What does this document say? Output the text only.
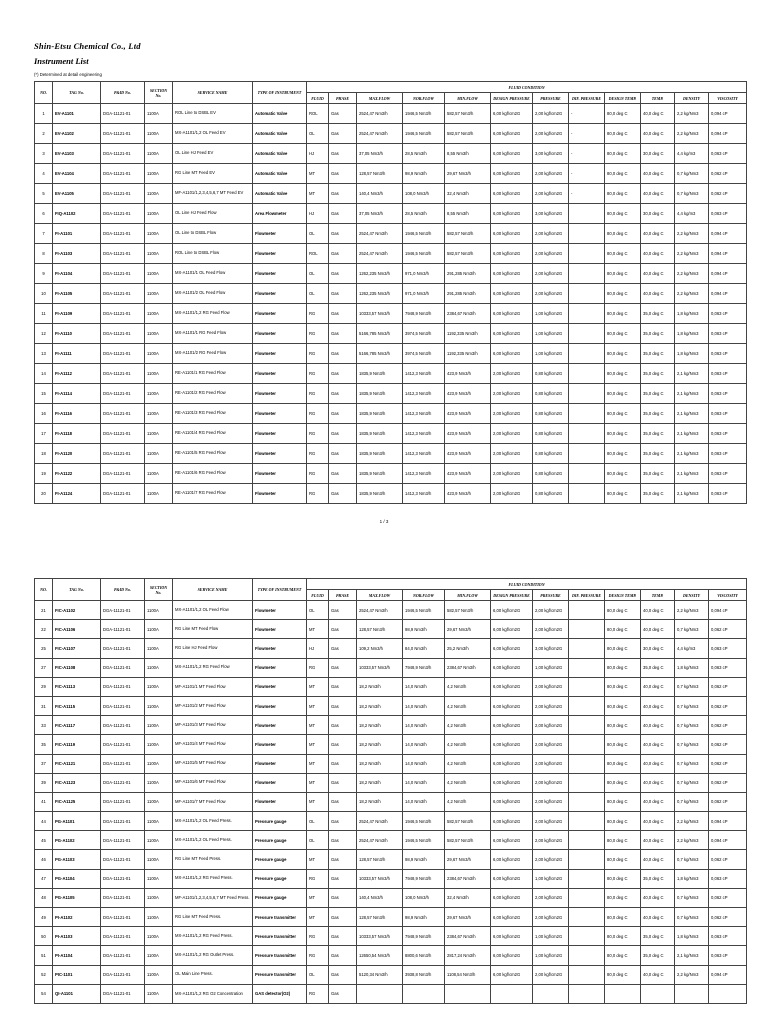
Shin-Etsu Chemical Co., Ltd
Instrument List
(*) Determined at detail engineering
NO.	TAG No.	P&ID No.	SECTION No.	SERVICE NAME	TYPE OF INSTRUMENT	FLUID CONDITION											
						FLUID	PHASE	MAX.FLOW	NOR.FLOW	MIN.FLOW	DESIGN PRESSURE	PRESSURE	DIF. PRESSURE	DESIGN TEMP.	TEMP.	DENSITY	VISCOSITY
1	EV-A1101	DGA-11121-01	1100A	ROL Line to DSBL EV	Automatic Valve	ROL	Gas	2524,47 Nm3/h	1946,5 Nm3/h	582,57 Nm3/h	6,00 kgf/cm2G	2,00 kgf/cm2G	-	80,0 deg C	40,0 deg C	2,2 kg/Nm3	0,094 cP
2	EV-A1102	DGA-11121-01	1100A	MX-A1101/1,2 OL Feed EV	Automatic Valve	OL	Gas	2524,47 Nm3/h	1946,5 Nm3/h	582,57 Nm3/h	6,00 kgf/cm2G	2,00 kgf/cm2G	-	80,0 deg C	40,0 deg C	2,2 kg/Nm3	0,094 cP
3	EV-A1103	DGA-11121-01	1100A	OL Line HJ Feed EV	Automatic Valve	HJ	Gas	37,05 Nm3/h	28,5 Nm3/h	8,55 Nm3/h	6,00 kgf/cm2G	3,00 kgf/cm2G	-	80,0 deg C	30,0 deg C	4,4 kg/m3	0,063 cP
4	EV-A1104	DGA-11121-01	1100A	RG Line MT Feed EV	Automatic Valve	MT	Gas	128,57 Nm3/h	98,9 Nm3/h	29,67 Nm3/h	6,00 kgf/cm2G	2,00 kgf/cm2G	-	80,0 deg C	40,0 deg C	0,7 kg/Nm3	0,062 cP
5	EV-A1105	DGA-11121-01	1100A	MF-A1101/1,2,3,4,5,6,7 MT Feed EV	Automatic Valve	MT	Gas	140,4 Nm3/h	108,0 Nm3/h	32,4 Nm3/h	6,00 kgf/cm2G	2,00 kgf/cm2G	-	80,0 deg C	40,0 deg C	0,7 kg/Nm3	0,062 cP
6	FIQ-A1102	DGA-11121-01	1100A	OL Line HJ Feed Flow	Area Flowmeter	HJ	Gas	37,05 Nm3/h	28,5 Nm3/h	8,55 Nm3/h	6,00 kgf/cm2G	3,00 kgf/cm2G		80,0 deg C	30,0 deg C	4,4 kg/m3	0,063 cP
7	FI-A1101	DGA-11121-01	1100A	OL Line to DSBL Flow	Flowmeter	OL	Gas	2524,47 Nm3/h	1946,5 Nm3/h	582,57 Nm3/h	6,00 kgf/cm2G	2,00 kgf/cm2G		80,0 deg C	40,0 deg C	2,2 kg/Nm3	0,094 cP
8	FI-A1103	DGA-11121-01	1100A	ROL Line to DSBL Flow	Flowmeter	ROL	Gas	2524,47 Nm3/h	1946,5 Nm3/h	582,57 Nm3/h	6,00 kgf/cm2G	2,00 kgf/cm2G		80,0 deg C	40,0 deg C	2,2 kg/Nm3	0,094 cP
9	FI-A1104	DGA-11121-01	1100A	MX-A1101/1 OL Feed Flow	Flowmeter	OL	Gas	1262,235 Nm3/h	971,0 Nm3/h	291,285 Nm3/h	6,00 kgf/cm2G	2,00 kgf/cm2G		80,0 deg C	40,0 deg C	2,2 kg/Nm3	0,094 cP
10	FI-A1105	DGA-11121-01	1100A	MX-A1101/2 OL Feed Flow	Flowmeter	OL	Gas	1262,235 Nm3/h	971,0 Nm3/h	291,285 Nm3/h	6,00 kgf/cm2G	2,00 kgf/cm2G		80,0 deg C	40,0 deg C	2,2 kg/Nm3	0,094 cP
11	FI-A1109	DGA-11121-01	1100A	MX-A1101/1,2 RG Feed Flow	Flowmeter	RG	Gas	10333,57 Nm3/h	7948,9 Nm3/h	2384,67 Nm3/h	6,00 kgf/cm2G	1,00 kgf/cm2G		80,0 deg C	35,0 deg C	1,8 kg/Nm3	0,063 cP
12	FI-A1110	DGA-11121-01	1100A	MX-A1101/1 RG Feed Flow	Flowmeter	RG	Gas	5166,785 Nm3/h	3974,5 Nm3/h	1192,335 Nm3/h	6,00 kgf/cm2G	1,00 kgf/cm2G		80,0 deg C	35,0 deg C	1,8 kg/Nm3	0,063 cP
13	FI-A1111	DGA-11121-01	1100A	MX-A1101/2 RG Feed Flow	Flowmeter	RG	Gas	5166,785 Nm3/h	3974,5 Nm3/h	1192,335 Nm3/h	6,00 kgf/cm2G	1,00 kgf/cm2G		80,0 deg C	35,0 deg C	1,8 kg/Nm3	0,063 cP
14	FI-A1112	DGA-11121-01	1100A	RE-A1101/1 RG Feed Flow	Flowmeter	RG	Gas	1835,9 Nm3/h	1412,3 Nm3/h	423,9 Nm3/h	2,00 kgf/cm2G	0,80 kgf/cm2G		80,0 deg C	35,0 deg C	2,1 kg/Nm3	0,063 cP
15	FI-A1114	DGA-11121-01	1100A	RE-A1101/2 RG Feed Flow	Flowmeter	RG	Gas	1835,9 Nm3/h	1412,3 Nm3/h	423,9 Nm3/h	2,00 kgf/cm2G	0,80 kgf/cm2G		80,0 deg C	35,0 deg C	2,1 kg/Nm3	0,063 cP
16	FI-A1116	DGA-11121-01	1100A	RE-A1101/3 RG Feed Flow	Flowmeter	RG	Gas	1835,9 Nm3/h	1412,3 Nm3/h	423,9 Nm3/h	2,00 kgf/cm2G	0,80 kgf/cm2G		80,0 deg C	35,0 deg C	2,1 kg/Nm3	0,063 cP
17	FI-A1118	DGA-11121-01	1100A	RE-A1101/4 RG Feed Flow	Flowmeter	RG	Gas	1835,9 Nm3/h	1412,3 Nm3/h	423,9 Nm3/h	2,00 kgf/cm2G	0,80 kgf/cm2G		80,0 deg C	35,0 deg C	2,1 kg/Nm3	0,063 cP
18	FI-A1120	DGA-11121-01	1100A	RE-A1101/5 RG Feed Flow	Flowmeter	RG	Gas	1835,9 Nm3/h	1412,3 Nm3/h	423,9 Nm3/h	2,00 kgf/cm2G	0,80 kgf/cm2G		80,0 deg C	35,0 deg C	2,1 kg/Nm3	0,063 cP
19	FI-A1122	DGA-11121-01	1100A	RE-A1101/6 RG Feed Flow	Flowmeter	RG	Gas	1835,9 Nm3/h	1412,3 Nm3/h	423,9 Nm3/h	2,00 kgf/cm2G	0,80 kgf/cm2G		80,0 deg C	35,0 deg C	2,1 kg/Nm3	0,063 cP
20	FI-A1124	DGA-11121-01	1100A	RE-A1101/7 RG Feed Flow	Flowmeter	RG	Gas	1835,9 Nm3/h	1412,3 Nm3/h	423,9 Nm3/h	2,00 kgf/cm2G	0,80 kgf/cm2G		80,0 deg C	35,0 deg C	2,1 kg/Nm3	0,063 cP
1 / 3
NO.	TAG No.	P&ID No.	SECTION No.	SERVICE NAME	TYPE OF INSTRUMENT	FLUID CONDITION											
						FLUID	PHASE	MAX.FLOW	NOR.FLOW	MIN.FLOW	DESIGN PRESSURE	PRESSURE	DIF. PRESSURE	DESIGN TEMP.	TEMP.	DENSITY	VISCOSITY
21	FIC-A1102	DGA-11121-01	1100A	MX-A1101/1,2 OL Feed Flow	Flowmeter	OL	Gas	2524,47 Nm3/h	1946,5 Nm3/h	582,57 Nm3/h	6,00 kgf/cm2G	2,00 kgf/cm2G		80,0 deg C	40,0 deg C	2,2 kg/Nm3	0,094 cP
22	FIC-A1106	DGA-11121-01	1100A	RG Line MT Feed Flow	Flowmeter	MT	Gas	128,57 Nm3/h	98,9 Nm3/h	29,67 Nm3/h	6,00 kgf/cm2G	2,00 kgf/cm2G		80,0 deg C	40,0 deg C	0,7 kg/Nm3	0,062 cP
25	FIC-A1107	DGA-11121-01	1100A	RG Line HJ Feed Flow	Flowmeter	HJ	Gas	109,2 Nm3/h	84,0 Nm3/h	25,2 Nm3/h	6,00 kgf/cm2G	3,00 kgf/cm2G		80,0 deg C	30,0 deg C	4,4 kg/m3	0,063 cP
27	FIC-A1108	DGA-11121-01	1100A	MX-A1101/1,2 RG Feed Flow	Flowmeter	RG	Gas	10333,57 Nm3/h	7948,9 Nm3/h	2384,67 Nm3/h	6,00 kgf/cm2G	1,00 kgf/cm2G		80,0 deg C	35,0 deg C	1,8 kg/Nm3	0,063 cP
29	FIC-A1113	DGA-11121-01	1100A	MF-A1101/1 MT Feed Flow	Flowmeter	MT	Gas	18,2 Nm3/h	14,0 Nm3/h	4,2 Nm3/h	6,00 kgf/cm2G	2,00 kgf/cm2G		80,0 deg C	40,0 deg C	0,7 kg/Nm3	0,062 cP
31	FIC-A1115	DGA-11121-01	1100A	MF-A1101/2 MT Feed Flow	Flowmeter	MT	Gas	18,2 Nm3/h	14,0 Nm3/h	4,2 Nm3/h	6,00 kgf/cm2G	2,00 kgf/cm2G		80,0 deg C	40,0 deg C	0,7 kg/Nm3	0,062 cP
33	FIC-A1117	DGA-11121-01	1100A	MF-A1101/3 MT Feed Flow	Flowmeter	MT	Gas	18,2 Nm3/h	14,0 Nm3/h	4,2 Nm3/h	6,00 kgf/cm2G	2,00 kgf/cm2G		80,0 deg C	40,0 deg C	0,7 kg/Nm3	0,062 cP
35	FIC-A1119	DGA-11121-01	1100A	MF-A1101/4 MT Feed Flow	Flowmeter	MT	Gas	18,2 Nm3/h	14,0 Nm3/h	4,2 Nm3/h	6,00 kgf/cm2G	2,00 kgf/cm2G		80,0 deg C	40,0 deg C	0,7 kg/Nm3	0,062 cP
37	FIC-A1121	DGA-11121-01	1100A	MF-A1101/5 MT Feed Flow	Flowmeter	MT	Gas	18,2 Nm3/h	14,0 Nm3/h	4,2 Nm3/h	6,00 kgf/cm2G	2,00 kgf/cm2G		80,0 deg C	40,0 deg C	0,7 kg/Nm3	0,062 cP
39	FIC-A1123	DGA-11121-01	1100A	MF-A1101/6 MT Feed Flow	Flowmeter	MT	Gas	18,2 Nm3/h	14,0 Nm3/h	4,2 Nm3/h	6,00 kgf/cm2G	2,00 kgf/cm2G		80,0 deg C	40,0 deg C	0,7 kg/Nm3	0,062 cP
41	FIC-A1125	DGA-11121-01	1100A	MF-A1101/7 MT Feed Flow	Flowmeter	MT	Gas	18,2 Nm3/h	14,0 Nm3/h	4,2 Nm3/h	6,00 kgf/cm2G	2,00 kgf/cm2G		80,0 deg C	40,0 deg C	0,7 kg/Nm3	0,062 cP
44	PG-A1101	DGA-11121-01	1100A	MX-A1101/1,2 OL Feed Press.	Pressure gauge	OL	Gas	2524,47 Nm3/h	1946,5 Nm3/h	582,57 Nm3/h	6,00 kgf/cm2G	2,00 kgf/cm2G		80,0 deg C	40,0 deg C	2,2 kg/Nm3	0,094 cP
45	PG-A1102	DGA-11121-01	1100A	MX-A1101/1,2 OL Feed Press.	Pressure gauge	OL	Gas	2524,47 Nm3/h	1946,5 Nm3/h	582,57 Nm3/h	6,00 kgf/cm2G	2,00 kgf/cm2G		80,0 deg C	40,0 deg C	2,2 kg/Nm3	0,094 cP
46	PG-A1103	DGA-11121-01	1100A	RG Line MT Feed Press.	Pressure gauge	MT	Gas	128,57 Nm3/h	98,9 Nm3/h	29,67 Nm3/h	6,00 kgf/cm2G	2,00 kgf/cm2G		80,0 deg C	40,0 deg C	0,7 kg/Nm3	0,062 cP
47	PG-A1104	DGA-11121-01	1100A	MX-A1101/1,2 RG Feed Press.	Pressure gauge	RG	Gas	10333,57 Nm3/h	7948,9 Nm3/h	2384,67 Nm3/h	6,00 kgf/cm2G	1,00 kgf/cm2G		80,0 deg C	35,0 deg C	1,8 kg/Nm3	0,063 cP
48	PG-A1105	DGA-11121-01	1100A	MF-A1101/1,2,3,4,5,6,7 MT Feed Press.	Pressure gauge	MT	Gas	140,4 Nm3/h	108,0 Nm3/h	32,4 Nm3/h	6,00 kgf/cm2G	2,00 kgf/cm2G		80,0 deg C	40,0 deg C	0,7 kg/Nm3	0,062 cP
49	PI-A1102	DGA-11121-01	1100A	RG Line MT Feed Press.	Pressure transmitter	MT	Gas	128,57 Nm3/h	98,9 Nm3/h	29,67 Nm3/h	6,00 kgf/cm2G	2,00 kgf/cm2G		80,0 deg C	40,0 deg C	0,7 kg/Nm3	0,062 cP
50	PI-A1103	DGA-11121-01	1100A	MX-A1101/1,2 RG Feed Press.	Pressure transmitter	RG	Gas	10333,57 Nm3/h	7948,9 Nm3/h	2384,67 Nm3/h	6,00 kgf/cm2G	1,00 kgf/cm2G		80,0 deg C	35,0 deg C	1,8 kg/Nm3	0,063 cP
51	PI-A1104	DGA-11121-01	1100A	MX-A1101/1,2 RG Outlet Press.	Pressure transmitter	RG	Gas	12650,54 Nm3/h	8800,6 Nm3/h	2817,24 Nm3/h	6,00 kgf/cm2G	1,00 kgf/cm2G		80,0 deg C	35,0 deg C	2,1 kg/Nm3	0,063 cP
52	PIC-1101	DGA-11121-01	1100A	OL Main Line Press.	Pressure transmitter	OL	Gas	5120,34 Nm3/h	3938,8 Nm3/h	1108,54 Nm3/h	6,00 kgf/cm2G	2,00 kgf/cm2G		80,0 deg C	40,0 deg C	2,2 kg/Nm3	0,094 cP
54	QI-A1101	DGA-11121-01	1100A	MX-A1101/1,2 RG O2 Concentration	GAS detector(O2)	RG	Gas										
